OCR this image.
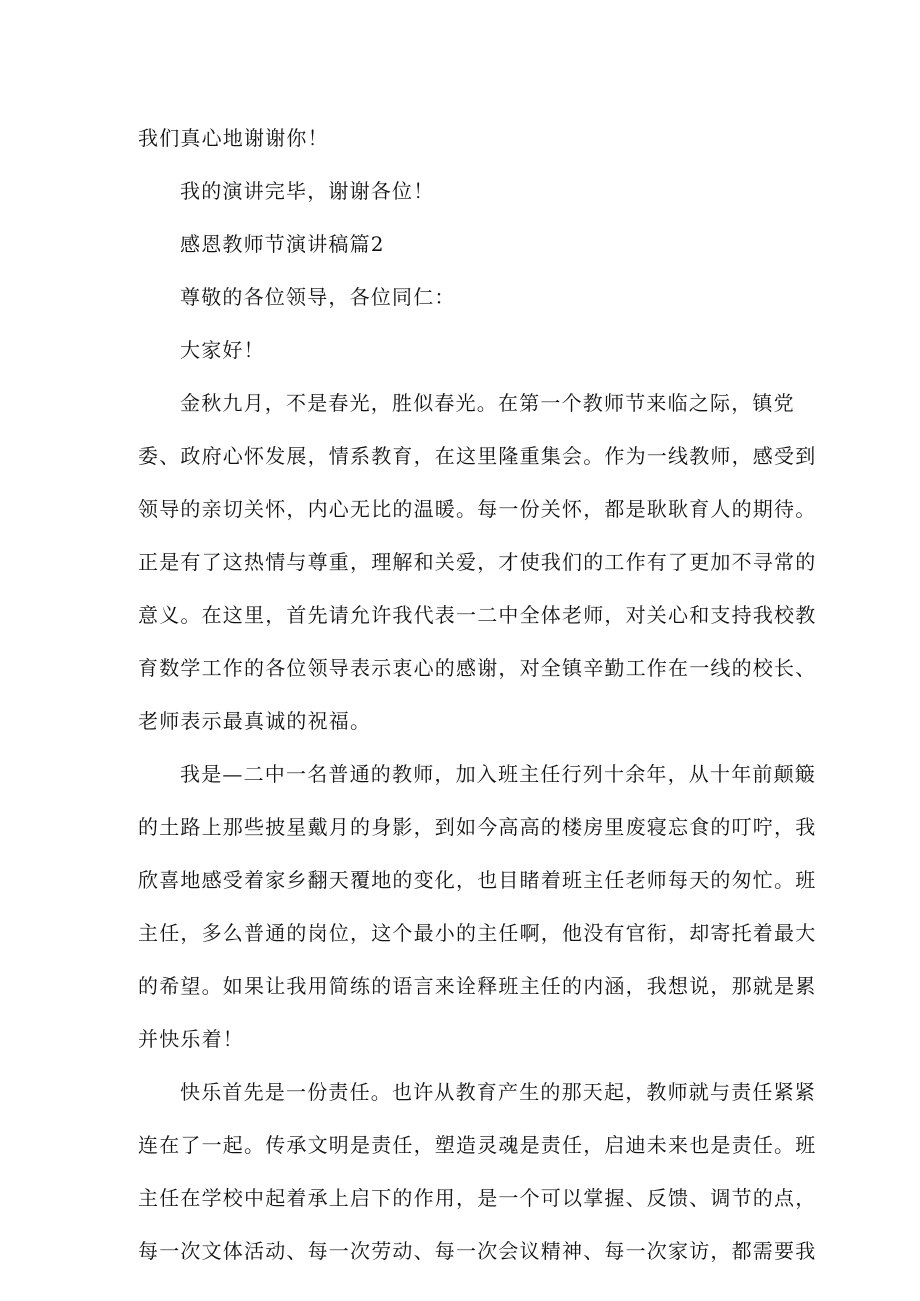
我们真心地谢谢你！

我的演讲完毕，谢谢各位！

感恩教师节演讲稿篇2

尊敬的各位领导，各位同仁：

大家好！

金秋九月，不是春光，胜似春光。在第一个教师节来临之际，镇党

委、政府心怀发展，情系教育，在这里隆重集会。作为一线教师，感受到

领导的亲切关怀，内心无比的温暖。每一份关怀，都是耿耿育人的期待。

正是有了这热情与尊重，理解和关爱，才使我们的工作有了更加不寻常的

意义。在这里，首先请允许我代表一二中全体老师，对关心和支持我校教

育数学工作的各位领导表示衷心的感谢，对全镇辛勤工作在一线的校长、

老师表示最真诚的祝福。

我是—二中一名普通的教师，加入班主任行列十余年，从十年前颠簸

的土路上那些披星戴月的身影，到如今高高的楼房里废寝忘食的叮咛，我

欣喜地感受着家乡翻天覆地的变化，也目睹着班主任老师每天的匆忙。班

主任，多么普通的岗位，这个最小的主任啊，他没有官衔，却寄托着最大

的希望。如果让我用简练的语言来诠释班主任的内涵，我想说，那就是累

并快乐着！

快乐首先是一份责任。也许从教育产生的那天起，教师就与责任紧紧

连在了一起。传承文明是责任，塑造灵魂是责任，启迪未来也是责任。班

主任在学校中起着承上启下的作用，是一个可以掌握、反馈、调节的点，

每一次文体活动、每一次劳动、每一次会议精神、每一次家访，都需要我
